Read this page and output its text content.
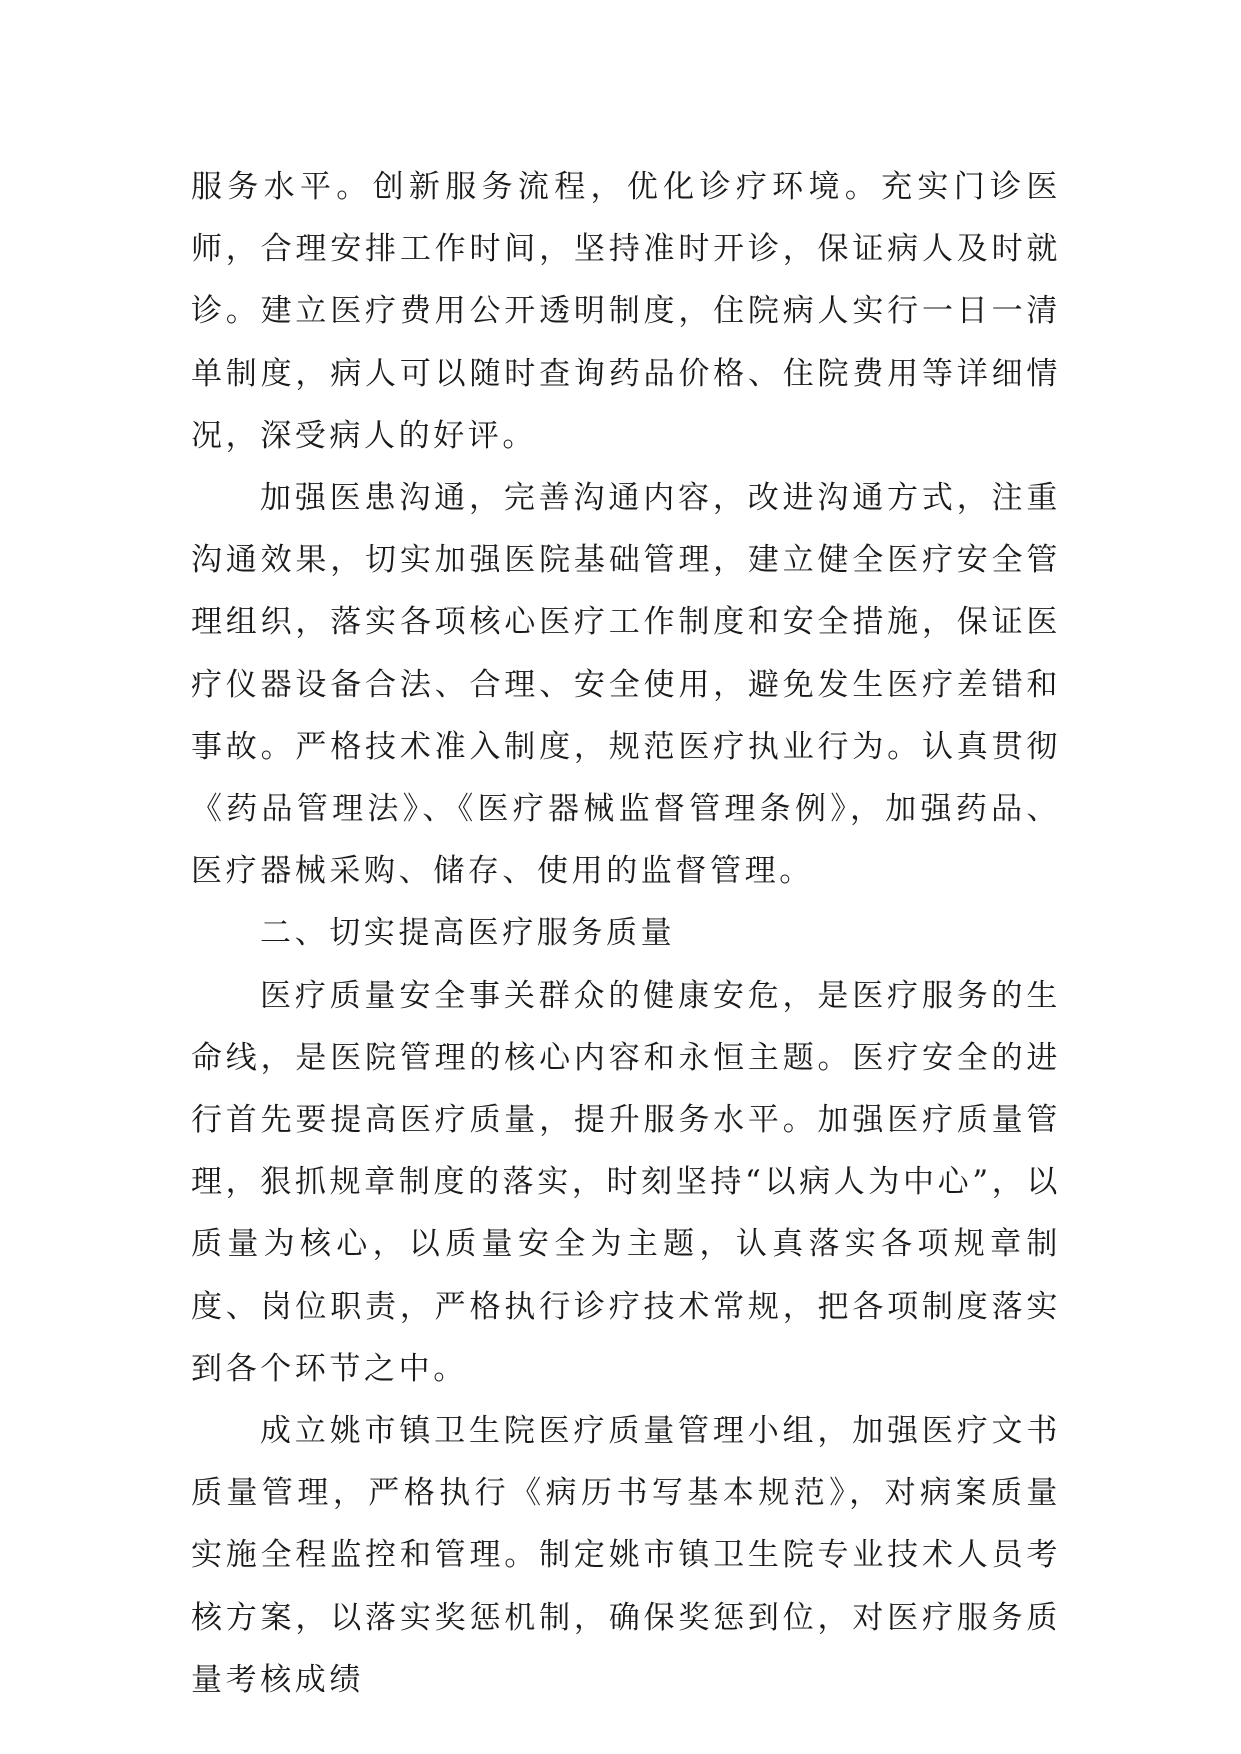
服务水平。创新服务流程，优化诊疗环境。充实门诊医师，合理安排工作时间，坚持准时开诊，保证病人及时就诊。建立医疗费用公开透明制度，住院病人实行一日一清单制度，病人可以随时查询药品价格、住院费用等详细情况，深受病人的好评。

加强医患沟通，完善沟通内容，改进沟通方式，注重沟通效果，切实加强医院基础管理，建立健全医疗安全管理组织，落实各项核心医疗工作制度和安全措施，保证医疗仪器设备合法、合理、安全使用，避免发生医疗差错和事故。严格技术准入制度，规范医疗执业行为。认真贯彻《药品管理法》、《医疗器械监督管理条例》，加强药品、医疗器械采购、储存、使用的监督管理。

二、切实提高医疗服务质量

医疗质量安全事关群众的健康安危，是医疗服务的生命线，是医院管理的核心内容和永恒主题。医疗安全的进行首先要提高医疗质量，提升服务水平。加强医疗质量管理，狠抓规章制度的落实，时刻坚持“以病人为中心”，以质量为核心，以质量安全为主题，认真落实各项规章制度、岗位职责，严格执行诊疗技术常规，把各项制度落实到各个环节之中。

成立姚市镇卫生院医疗质量管理小组，加强医疗文书质量管理，严格执行《病历书写基本规范》，对病案质量实施全程监控和管理。制定姚市镇卫生院专业技术人员考核方案，以落实奖惩机制，确保奖惩到位，对医疗服务质量考核成绩
